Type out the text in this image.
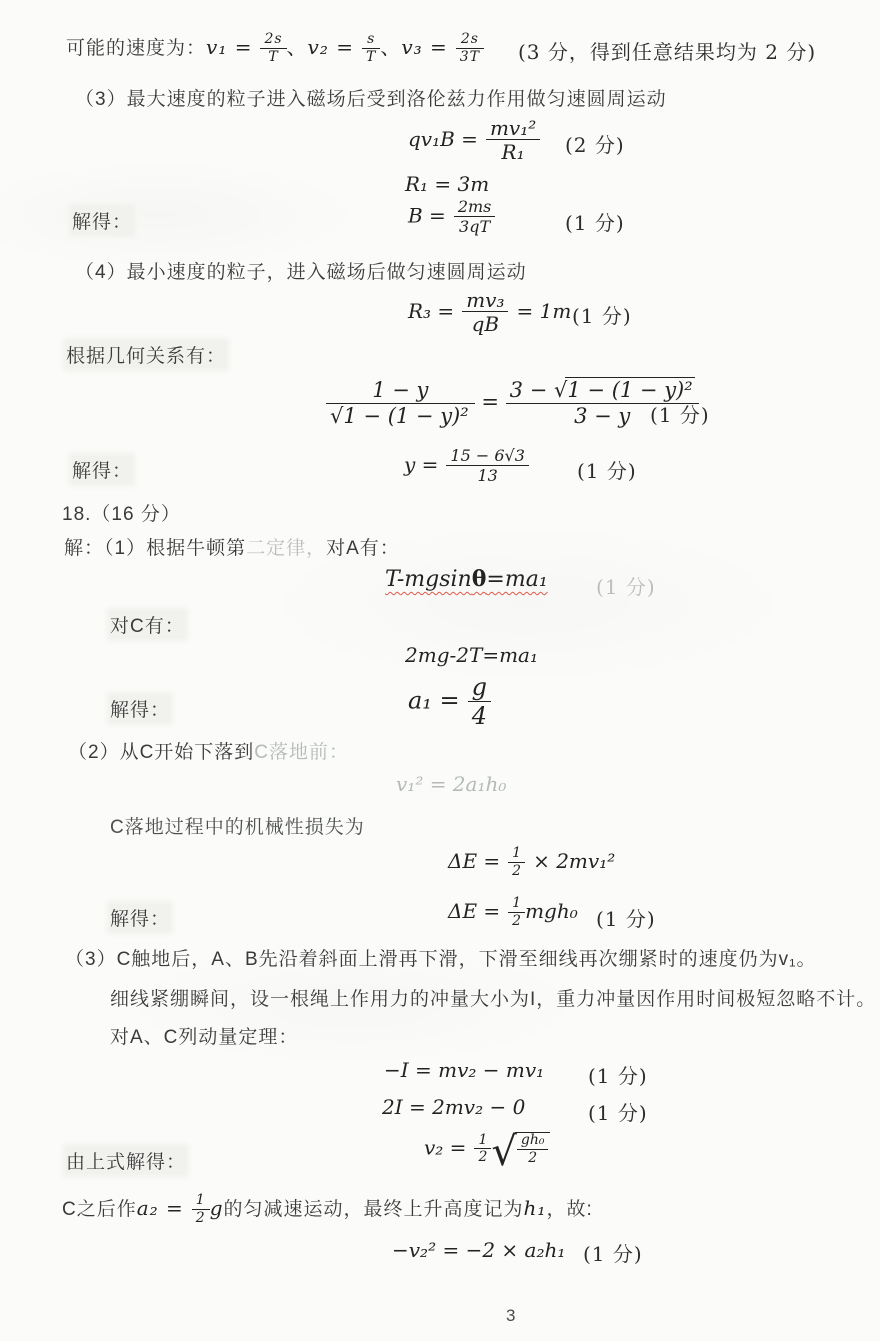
可能的速度为：$v_1 = \frac{2s}{T}$ 、$v_2 = \frac{s}{T}$ 、$v_3 = \frac{2s}{3T} (3$ 分，得到任意结果均为 2 分)
（3）最大速度的粒子进入磁场后受到洛伦兹力作用做匀速圆周运动
$qv_1B = \frac{\text{mv₁²}}{\text{R₁}} (2$ 分)
R₁ = 3m
解得：	$B = \frac{2ms}{3qT}$	(1 分)
（4）最小速度的粒子，进入磁场后做匀速圆周运动
$R_3 = \frac{\text{mv₃}}{qB} = 1m$ (1 分)
根据几何关系有：
$\frac{1 - y}{\text{√1 − (1 − y)²}} = \frac{\text{3 − √1 − (1 − y)²}}{3 - y}$
(1 分)
解得：	$y = \frac{15 - 6√3}{13} (1$ 分)
18.（16 分）
解：（1）根据牛顿第二定律，对A有：
T-mgsinθ=ma₁ (1 分)
对C有：
2mg-2T=ma₁
解得：	$a_1 = \frac{g}{4}$
（2）从C开始下落到C落地前：
v₁² = 2a₁h₀
C落地过程中的机械性损失为
$\Delta E = \frac{1}{2} \times 2mv_1^2$
解得：	$\Delta E = \frac{1}{2} mgh_0$ (1 分)
（3）C触地后，A、B先沿着斜面上滑再下滑，下滑至细线再次绷紧时的速度仍为v₁。
细线紧绷瞬间，设一根绳上作用力的冲量大小为I，重力冲量因作用时间极短忽略不计。
对A、C列动量定理：
−I = mv₂ − mv₁ (1 分)
2I = 2mv₂ − 0	(1 分)
由上式解得：
$v_2 = \frac{1}{2}$ √ $\frac{\text{gh₀}}{2}$
C之后作$a_2 = \frac{1}{2}$ g的匀减速运动，最终上升高度记为h₁，故:
−v₂² = −2 × a₂h₁ (1 分)
3
